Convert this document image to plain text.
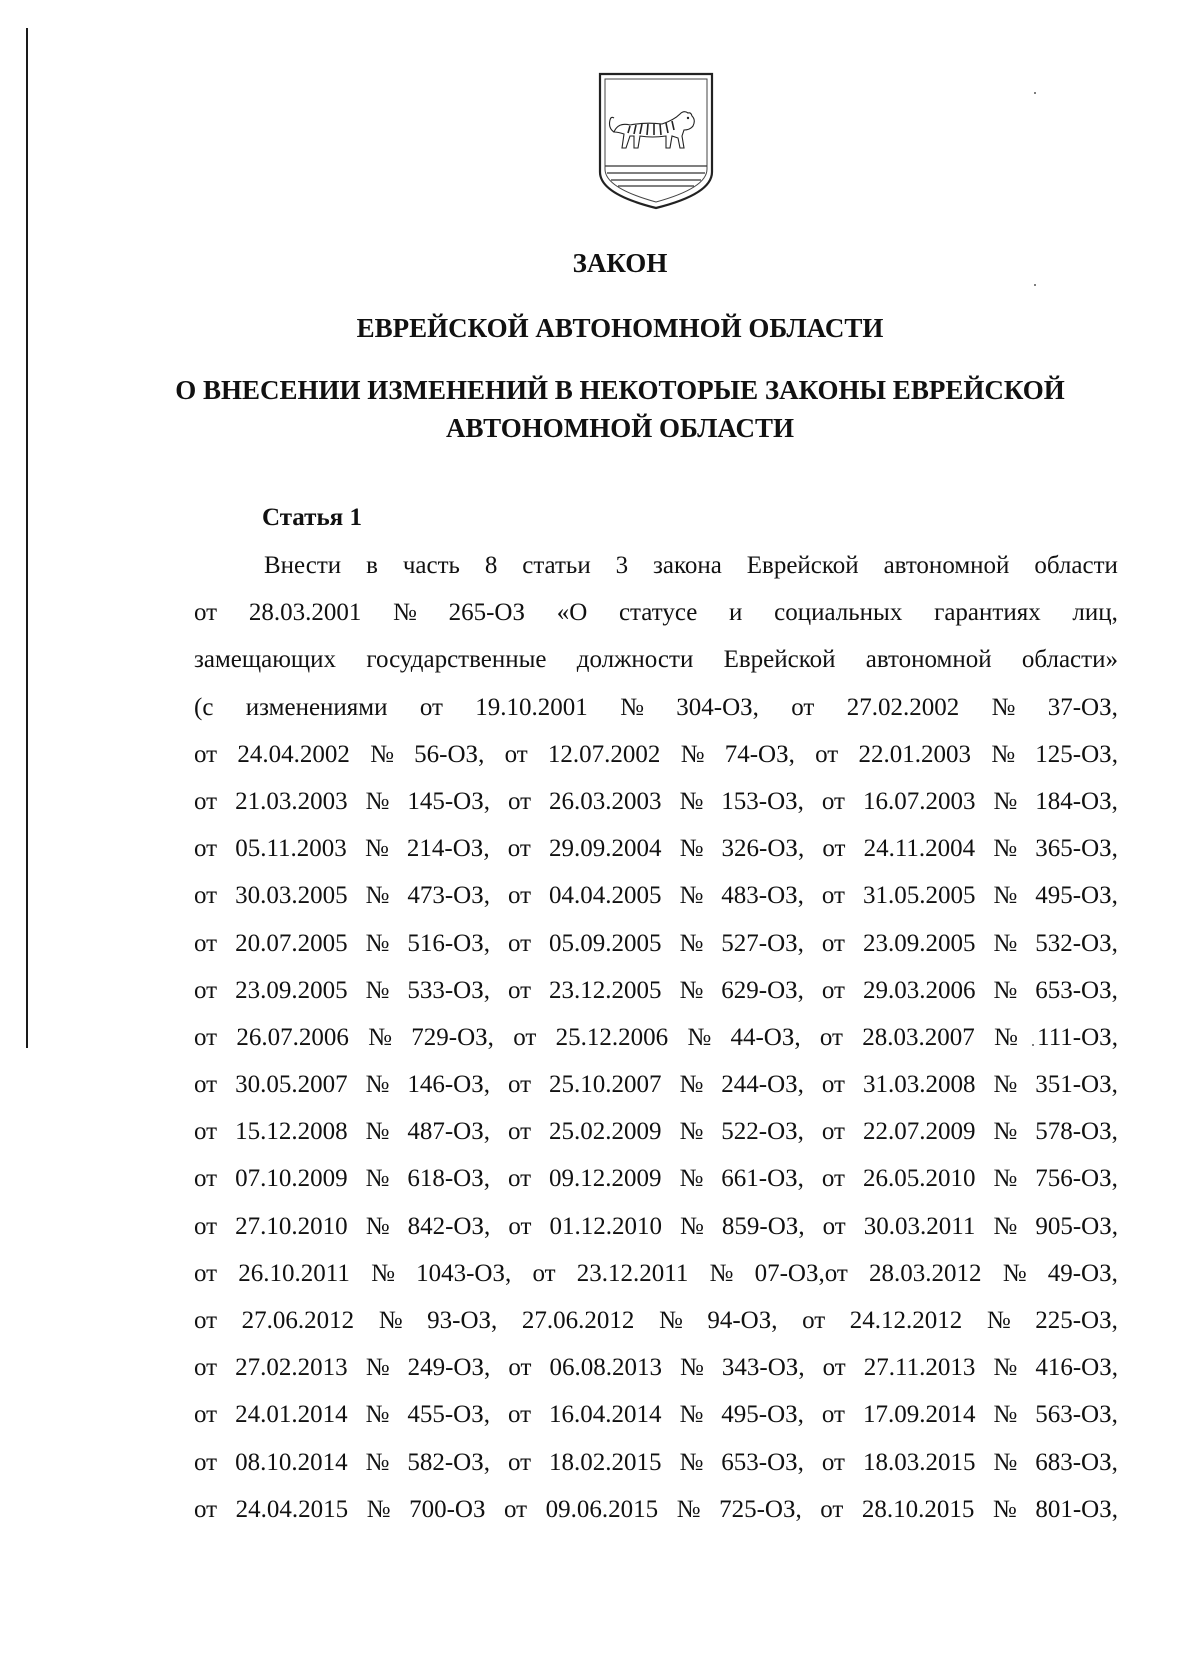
ЗАКОН
ЕВРЕЙСКОЙ АВТОНОМНОЙ ОБЛАСТИ
О ВНЕСЕНИИ ИЗМЕНЕНИЙ В НЕКОТОРЫЕ ЗАКОНЫ ЕВРЕЙСКОЙ АВТОНОМНОЙ ОБЛАСТИ
Статья 1
Внести в часть 8 статьи 3 закона Еврейской автономной области
от 28.03.2001 № 265-ОЗ «О статусе и социальных гарантиях лиц,
замещающих государственные должности Еврейской автономной области»
(с изменениями от 19.10.2001 № 304-ОЗ, от 27.02.2002 № 37-ОЗ,
от 24.04.2002 № 56-ОЗ, от 12.07.2002 № 74-ОЗ, от 22.01.2003 № 125-ОЗ,
от 21.03.2003 № 145-ОЗ, от 26.03.2003 № 153-ОЗ, от 16.07.2003 № 184-ОЗ,
от 05.11.2003 № 214-ОЗ, от 29.09.2004 № 326-ОЗ, от 24.11.2004 № 365-ОЗ,
от 30.03.2005 № 473-ОЗ, от 04.04.2005 № 483-ОЗ, от 31.05.2005 № 495-ОЗ,
от 20.07.2005 № 516-ОЗ, от 05.09.2005 № 527-ОЗ, от 23.09.2005 № 532-ОЗ,
от 23.09.2005 № 533-ОЗ, от 23.12.2005 № 629-ОЗ, от 29.03.2006 № 653-ОЗ,
от 26.07.2006 № 729-ОЗ, от 25.12.2006 № 44-ОЗ, от 28.03.2007 № 111-ОЗ,
от 30.05.2007 № 146-ОЗ, от 25.10.2007 № 244-ОЗ, от 31.03.2008 № 351-ОЗ,
от 15.12.2008 № 487-ОЗ, от 25.02.2009 № 522-ОЗ, от 22.07.2009 № 578-ОЗ,
от 07.10.2009 № 618-ОЗ, от 09.12.2009 № 661-ОЗ, от 26.05.2010 № 756-ОЗ,
от 27.10.2010 № 842-ОЗ, от 01.12.2010 № 859-ОЗ, от 30.03.2011 № 905-ОЗ,
от 26.10.2011 № 1043-ОЗ, от 23.12.2011 № 07-ОЗ,от 28.03.2012 № 49-ОЗ,
от 27.06.2012 № 93-ОЗ, 27.06.2012 № 94-ОЗ, от 24.12.2012 № 225-ОЗ,
от 27.02.2013 № 249-ОЗ, от 06.08.2013 № 343-ОЗ, от 27.11.2013 № 416-ОЗ,
от 24.01.2014 № 455-ОЗ, от 16.04.2014 № 495-ОЗ, от 17.09.2014 № 563-ОЗ,
от 08.10.2014 № 582-ОЗ, от 18.02.2015 № 653-ОЗ, от 18.03.2015 № 683-ОЗ,
от 24.04.2015 № 700-ОЗ от 09.06.2015 № 725-ОЗ, от 28.10.2015 № 801-ОЗ,
